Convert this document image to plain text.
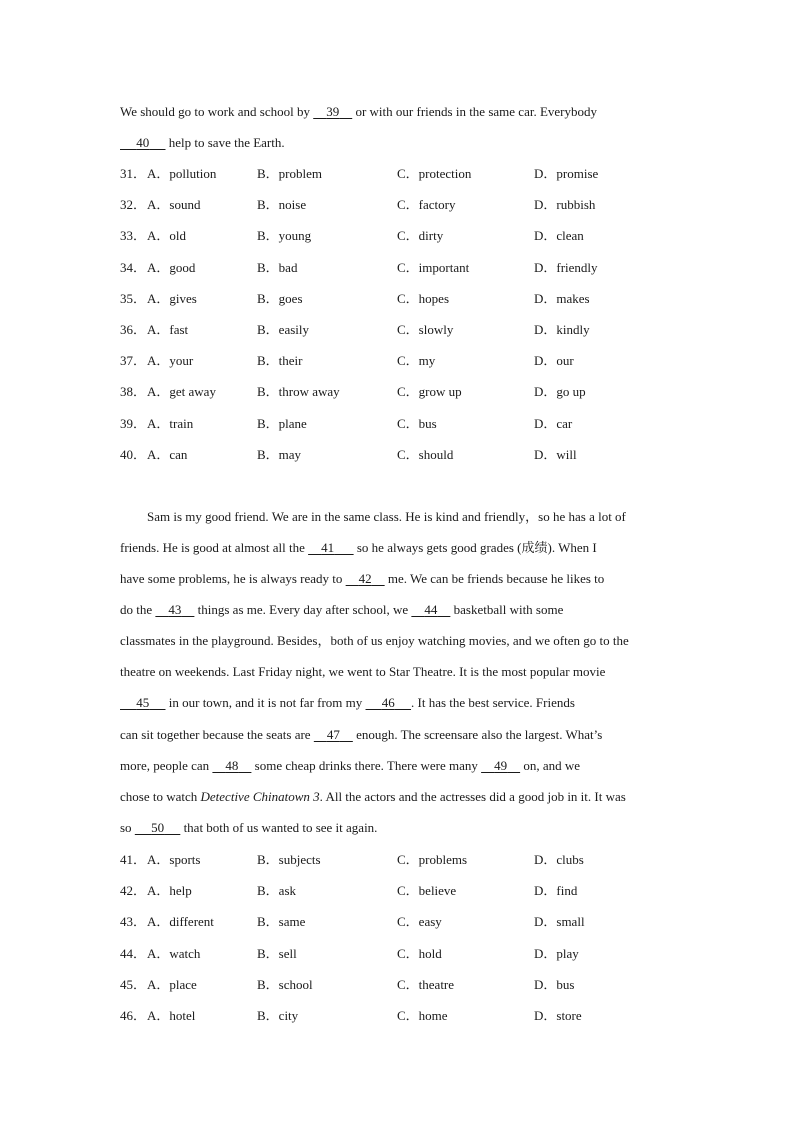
We should go to work and school by     39     or with our friends in the same car. Everybody
40      help to save the Earth.
31． A．pollution	B．problem	C．protection	D．promise
32． A．sound	B．noise	C．factory	D．rubbish
33． A．old	B．young	C．dirty	D．clean
34． A．good	B．bad	C．important	D．friendly
35． A．gives	B．goes	C．hopes	D．makes
36． A．fast	B．easily	C．slowly	D．kindly
37． A．your	B．their	C．my	D．our
38． A．get away	B．throw away	C．grow up	D．go up
39． A．train	B．plane	C．bus	D．car
40． A．can	B．may	C．should	D．will
Sam is my good friend. We are in the same class. He is kind and friendly，so he has a lot of
friends. He is good at almost all the     41       so he always gets good grades (成绩). When I
have some problems, he is always ready to     42     me. We can be friends because he likes to
do the     43     things as me. Every day after school, we     44     basketball with some
classmates in the playground. Besides，both of us enjoy watching movies, and we often go to the
theatre on weekends. Last Friday night, we went to Star Theatre. It is the most popular movie
45      in our town, and it is not far from my      46 . It has the best service. Friends
can sit together because the seats are     47     enough. The screensare also the largest. What’s
more, people can     48     some cheap drinks there. There were many     49     on, and we
chose to watch Detective Chinatown 3. All the actors and the actresses did a good job in it. It was
so      50      that both of us wanted to see it again.
41． A．sports	B．subjects	C．problems	D．clubs
42． A．help	B．ask	C．believe	D．find
43． A．different	B．same	C．easy	D．small
44． A．watch	B．sell	C．hold	D．play
45． A．place	B．school	C．theatre	D．bus
46． A．hotel	B．city	C．home	D．store
